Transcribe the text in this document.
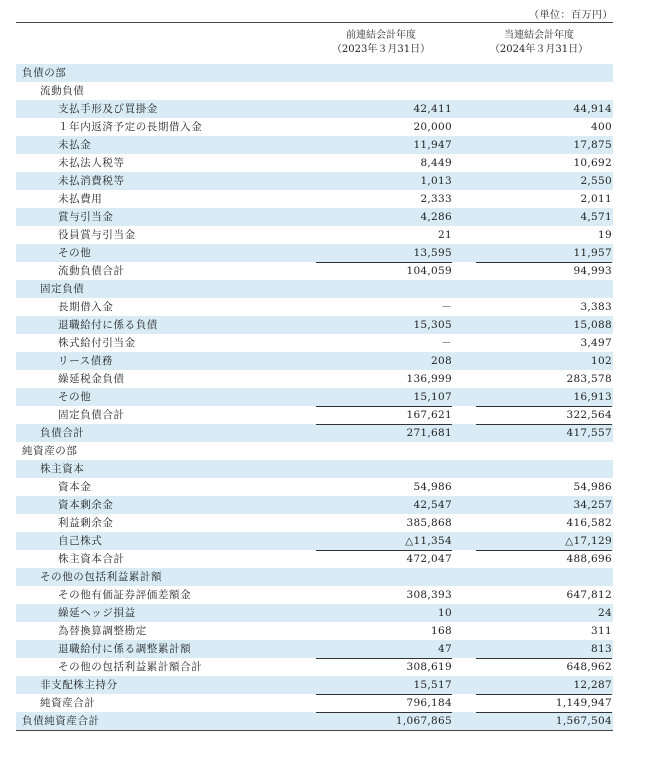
（単位：百万円）
前連結会計年度
（2023年３月31日）
当連結会計年度
（2024年３月31日）
負債の部
流動負債
支払手形及び買掛金	42,411	44,914
１年内返済予定の長期借入金	20,000	400
未払金	11,947	17,875
未払法人税等	8,449	10,692
未払消費税等	1,013	2,550
未払費用	2,333	2,011
賞与引当金	4,286	4,571
役員賞与引当金	21	19
その他	13,595	11,957
流動負債合計	104,059	94,993
固定負債
長期借入金	－	3,383
退職給付に係る負債	15,305	15,088
株式給付引当金	－	3,497
リース債務	208	102
繰延税金負債	136,999	283,578
その他	15,107	16,913
固定負債合計	167,621	322,564
負債合計	271,681	417,557
純資産の部
株主資本
資本金	54,986	54,986
資本剰余金	42,547	34,257
利益剰余金	385,868	416,582
自己株式	△11,354	△17,129
株主資本合計	472,047	488,696
その他の包括利益累計額
その他有価証券評価差額金	308,393	647,812
繰延ヘッジ損益	10	24
為替換算調整勘定	168	311
退職給付に係る調整累計額	47	813
その他の包括利益累計額合計	308,619	648,962
非支配株主持分	15,517	12,287
純資産合計	796,184	1,149,947
負債純資産合計	1,067,865	1,567,504
